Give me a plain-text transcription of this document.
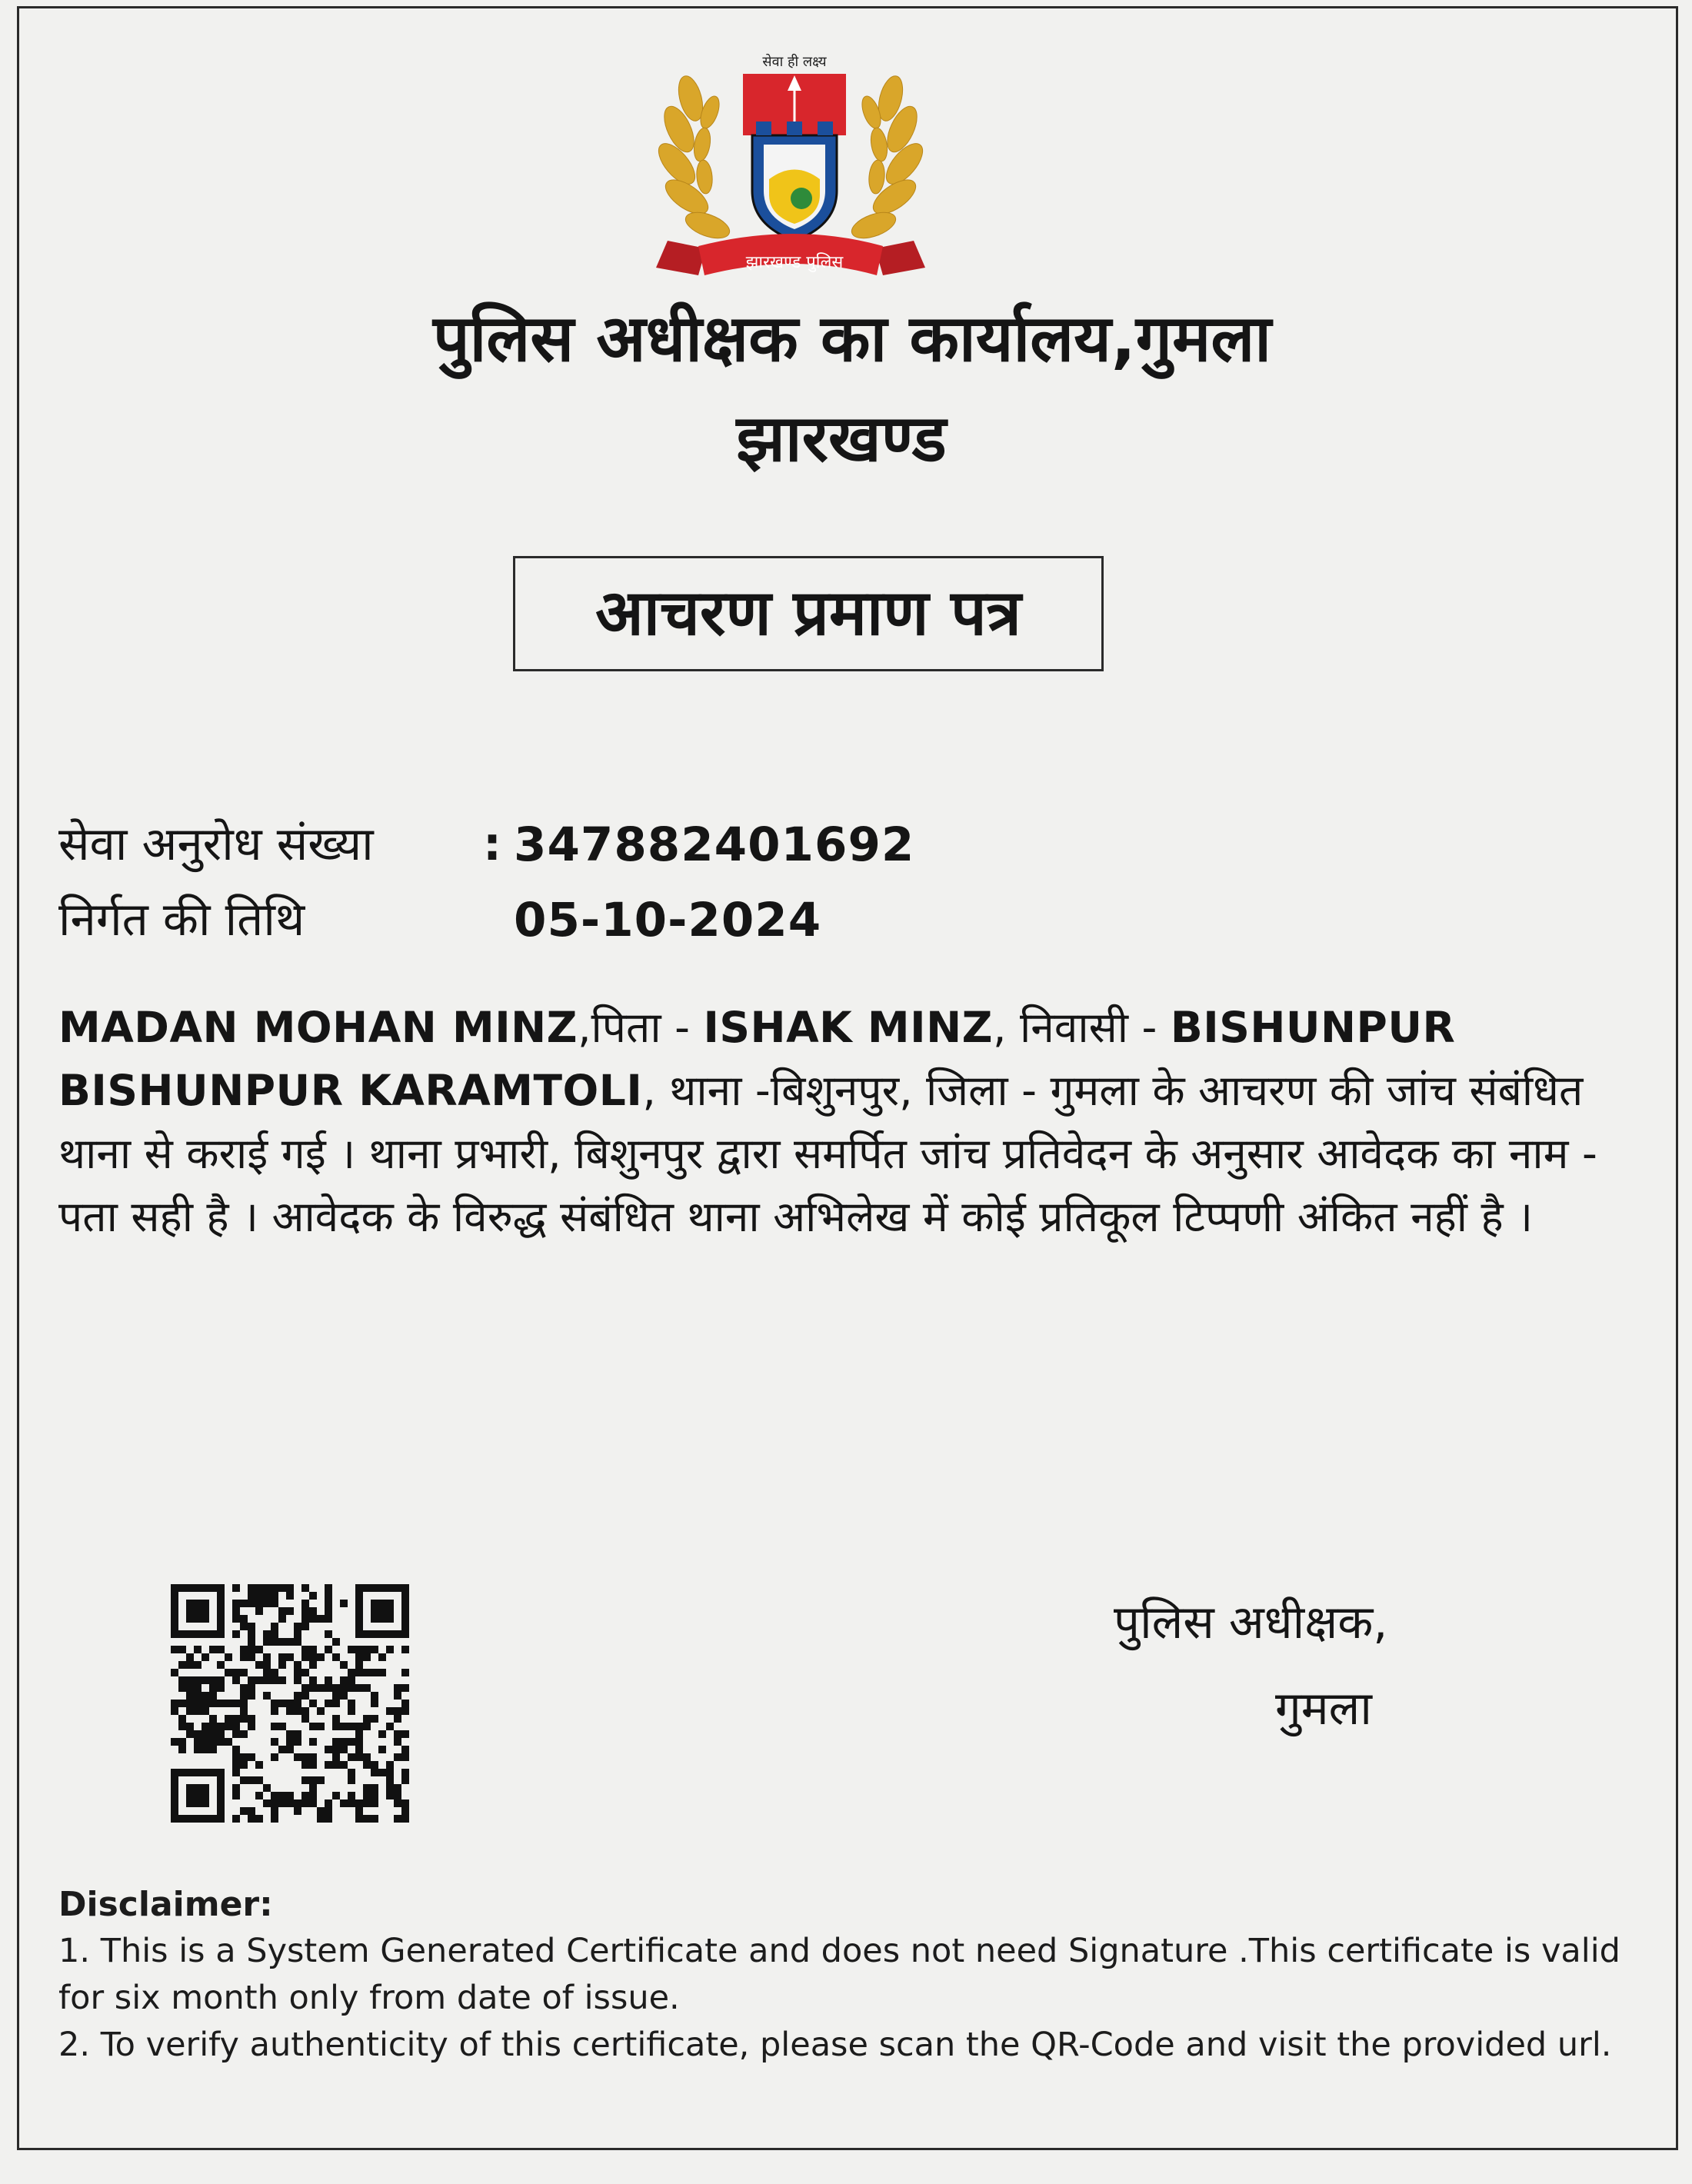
सेवा ही लक्ष्य
झारखण्ड पुलिस
पुलिस अधीक्षक का कार्यालय,गुमला
झारखण्ड
आचरण प्रमाण पत्र
सेवा अनुरोध संख्या : 347882401692
निर्गत की तिथि	05-10-2024

MADAN MOHAN MINZ,पिता - ISHAK MINZ, निवासी - BISHUNPUR BISHUNPUR KARAMTOLI, थाना -बिशुनपुर, जिला - गुमला के आचरण की जांच संबंधित थाना से कराई गई । थाना प्रभारी, बिशुनपुर द्वारा समर्पित जांच प्रतिवेदन के अनुसार आवेदक का नाम - पता सही है । आवेदक के विरुद्ध संबंधित थाना अभिलेख में कोई प्रतिकूल टिप्पणी अंकित नहीं है ।

पुलिस अधीक्षक,
गुमला
Disclaimer:
1. This is a System Generated Certificate and does not need Signature .This certificate is valid for six month only from date of issue.
2. To verify authenticity of this certificate, please scan the QR-Code and visit the provided url.
